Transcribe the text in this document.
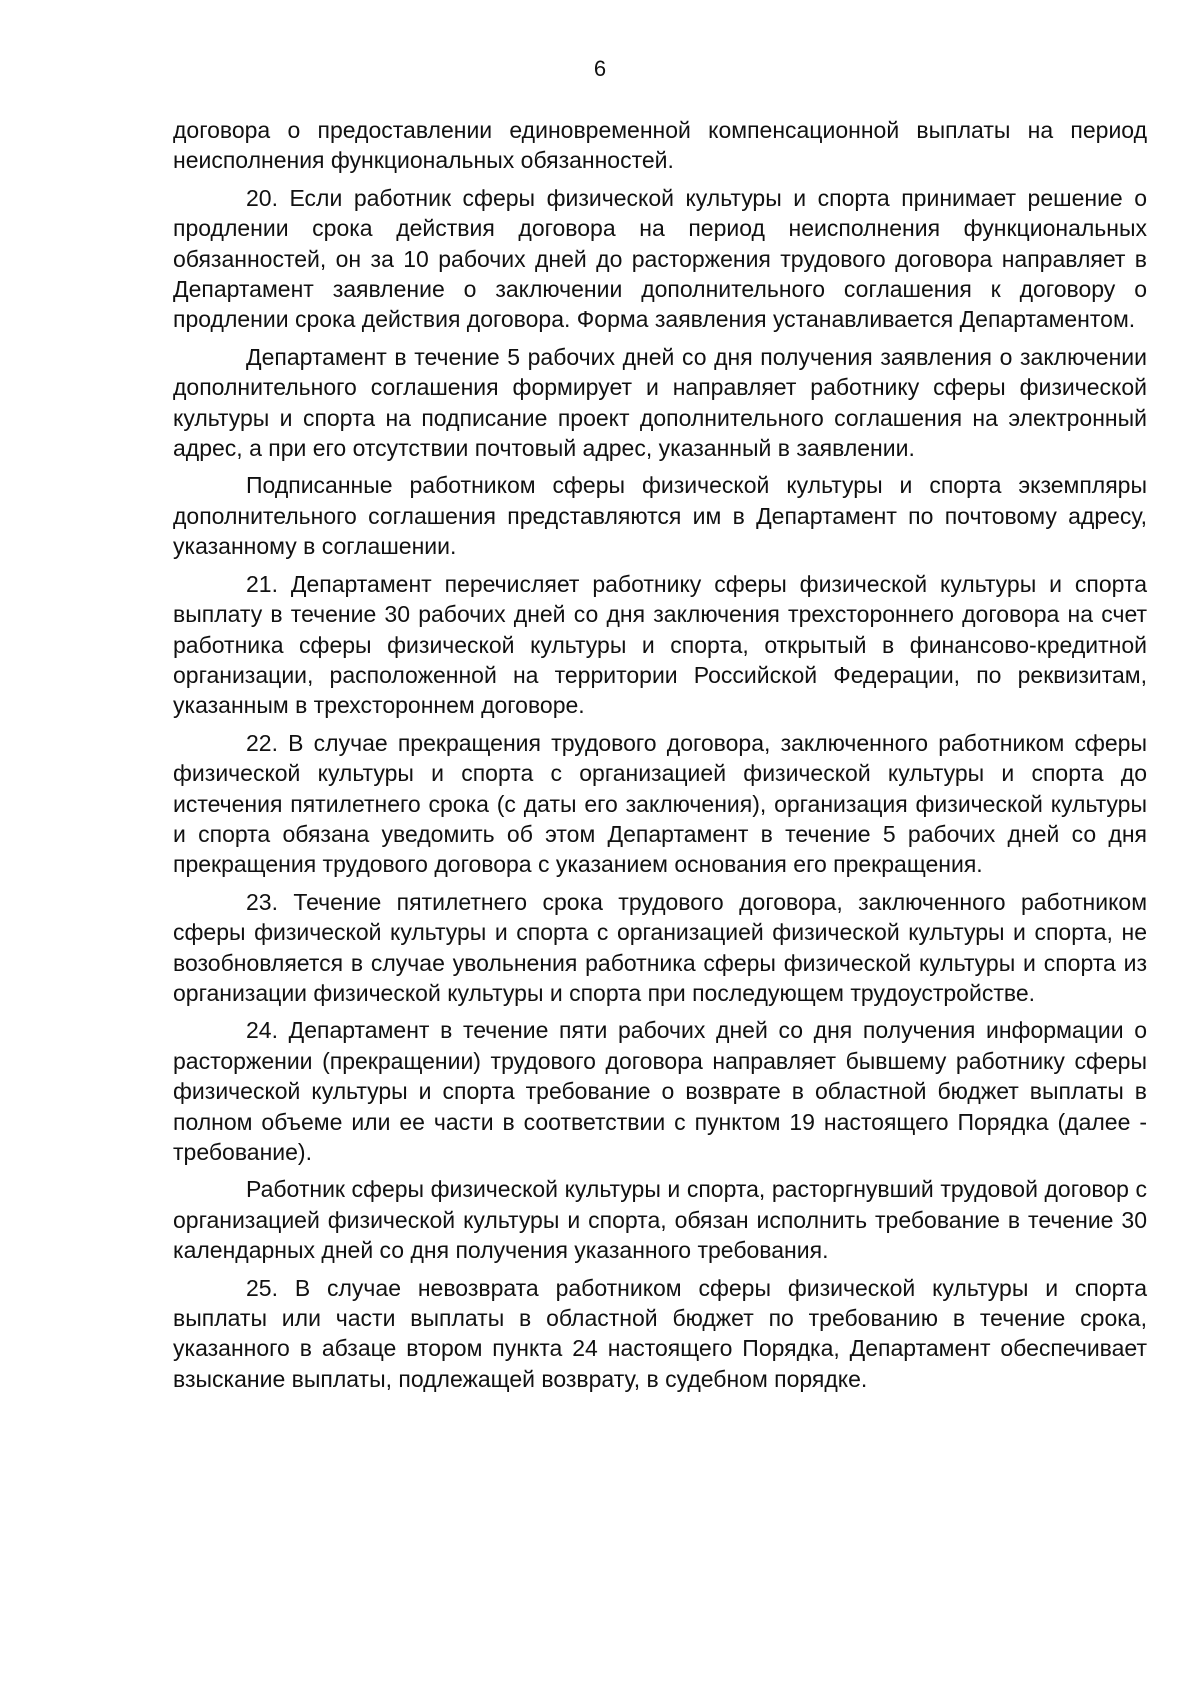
6

договора о предоставлении единовременной компенсационной выплаты на период неисполнения функциональных обязанностей.

20. Если работник сферы физической культуры и спорта принимает решение о продлении срока действия договора на период неисполнения функциональных обязанностей, он за 10 рабочих дней до расторжения трудового договора направляет в Департамент заявление о заключении дополнительного соглашения к договору о продлении срока действия договора. Форма заявления устанавливается Департаментом.

Департамент в течение 5 рабочих дней со дня получения заявления о заключении дополнительного соглашения формирует и направляет работнику сферы физической культуры и спорта на подписание проект дополнительного соглашения на электронный адрес, а при его отсутствии почтовый адрес, указанный в заявлении.

Подписанные работником сферы физической культуры и спорта экземпляры дополнительного соглашения представляются им в Департамент по почтовому адресу, указанному в соглашении.

21. Департамент перечисляет работнику сферы физической культуры и спорта выплату в течение 30 рабочих дней со дня заключения трехстороннего договора на счет работника сферы физической культуры и спорта, открытый в финансово-кредитной организации, расположенной на территории Российской Федерации, по реквизитам, указанным в трехстороннем договоре.

22. В случае прекращения трудового договора, заключенного работником сферы физической культуры и спорта с организацией физической культуры и спорта до истечения пятилетнего срока (с даты его заключения), организация физической культуры и спорта обязана уведомить об этом Департамент в течение 5 рабочих дней со дня прекращения трудового договора с указанием основания его прекращения.

23. Течение пятилетнего срока трудового договора, заключенного работником сферы физической культуры и спорта с организацией физической культуры и спорта, не возобновляется в случае увольнения работника сферы физической культуры и спорта из организации физической культуры и спорта при последующем трудоустройстве.

24. Департамент в течение пяти рабочих дней со дня получения информации о расторжении (прекращении) трудового договора направляет бывшему работнику сферы физической культуры и спорта требование о возврате в областной бюджет выплаты в полном объеме или ее части в соответствии с пунктом 19 настоящего Порядка (далее - требование).

Работник сферы физической культуры и спорта, расторгнувший трудовой договор с организацией физической культуры и спорта, обязан исполнить требование в течение 30 календарных дней со дня получения указанного требования.

25. В случае невозврата работником сферы физической культуры и спорта выплаты или части выплаты в областной бюджет по требованию в течение срока, указанного в абзаце втором пункта 24 настоящего Порядка, Департамент обеспечивает взыскание выплаты, подлежащей возврату, в судебном порядке.
